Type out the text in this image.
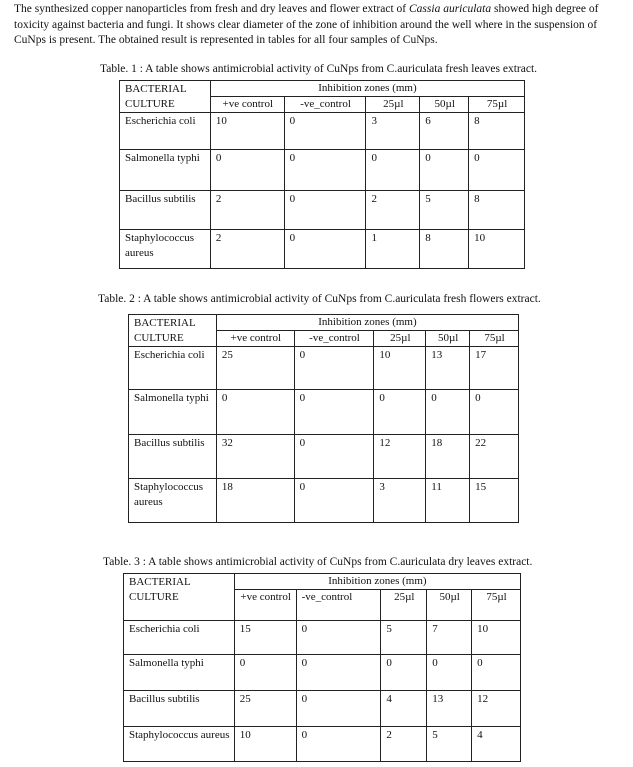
The synthesized copper nanoparticles from fresh and dry leaves and flower extract of Cassia auriculata showed high degree of toxicity against bacteria and fungi. It shows clear diameter of the zone of inhibition around the well where in the suspension of CuNps is present. The obtained result is represented in tables for all four samples of CuNps.
Table. 1 : A table shows antimicrobial activity of CuNps from C.auriculata fresh leaves extract.
BACTERIAL CULTURE	Inhibition zones (mm)				
	+ve control	-ve_control	25µl	50µl	75µl
Escherichia coli	10	0	3	6	8
Salmonella typhi	0	0	0	0	0
Bacillus subtilis	2	0	2	5	8
Staphylococcus aureus	2	0	1	8	10
Table. 2 : A table shows antimicrobial activity of CuNps from C.auriculata fresh flowers extract.
BACTERIAL CULTURE	Inhibition zones (mm)				
	+ve control	-ve_control	25µl	50µl	75µl
Escherichia coli	25	0	10	13	17
Salmonella typhi	0	0	0	0	0
Bacillus subtilis	32	0	12	18	22
Staphylococcus aureus	18	0	3	11	15
Table. 3 : A table shows antimicrobial activity of CuNps from C.auriculata dry leaves extract.
BACTERIAL CULTURE	Inhibition zones (mm)				
	+ve control	-ve_control	25µl	50µl	75µl
Escherichia coli	15	0	5	7	10
Salmonella typhi	0	0	0	0	0
Bacillus subtilis	25	0	4	13	12
Staphylococcus aureus	10	0	2	5	4
